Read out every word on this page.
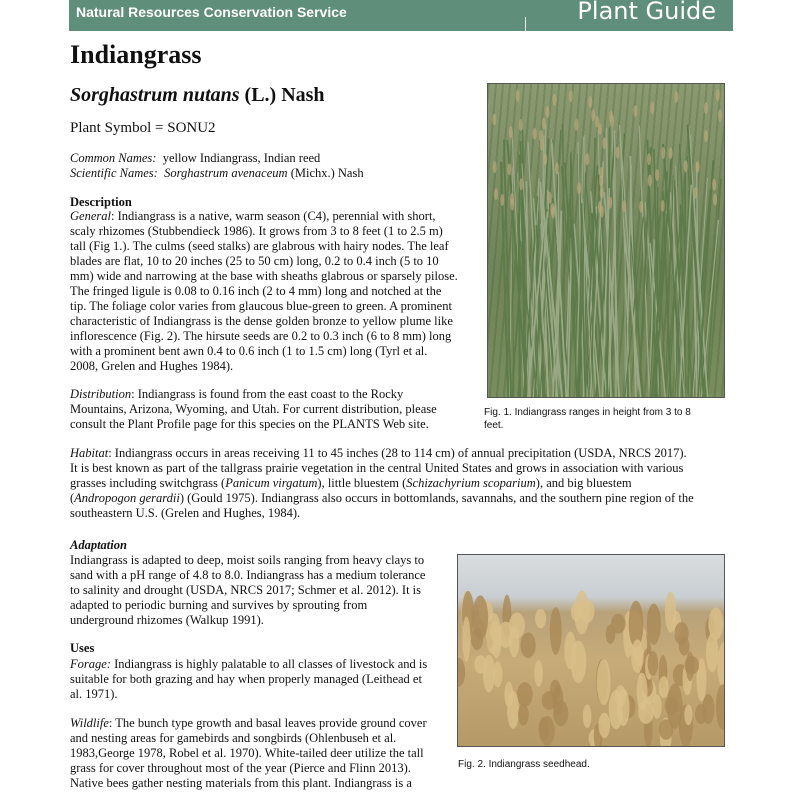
Natural Resources Conservation Service	Plant Guide
Indiangrass
Sorghastrum nutans (L.) Nash
Plant Symbol = SONU2
Common Names: yellow Indiangrass, Indian reed
Scientific Names: Sorghastrum avenaceum (Michx.) Nash
Description
General: Indiangrass is a native, warm season (C4), perennial with short,
scaly rhizomes (Stubbendieck 1986). It grows from 3 to 8 feet (1 to 2.5 m)
tall (Fig 1.). The culms (seed stalks) are glabrous with hairy nodes. The leaf
blades are flat, 10 to 20 inches (25 to 50 cm) long, 0.2 to 0.4 inch (5 to 10
mm) wide and narrowing at the base with sheaths glabrous or sparsely pilose.
The fringed ligule is 0.08 to 0.16 inch (2 to 4 mm) long and notched at the
tip. The foliage color varies from glaucous blue-green to green. A prominent
characteristic of Indiangrass is the dense golden bronze to yellow plume like
inflorescence (Fig. 2). The hirsute seeds are 0.2 to 0.3 inch (6 to 8 mm) long
with a prominent bent awn 0.4 to 0.6 inch (1 to 1.5 cm) long (Tyrl et al.
2008, Grelen and Hughes 1984).
Distribution: Indiangrass is found from the east coast to the Rocky
Mountains, Arizona, Wyoming, and Utah. For current distribution, please
consult the Plant Profile page for this species on the PLANTS Web site.
Fig. 1. Indiangrass ranges in height from 3 to 8
feet.
Habitat: Indiangrass occurs in areas receiving 11 to 45 inches (28 to 114 cm) of annual precipitation (USDA, NRCS 2017).
It is best known as part of the tallgrass prairie vegetation in the central United States and grows in association with various
grasses including switchgrass (Panicum virgatum), little bluestem (Schizachyrium scoparium), and big bluestem
(Andropogon gerardii) (Gould 1975). Indiangrass also occurs in bottomlands, savannahs, and the southern pine region of the
southeastern U.S. (Grelen and Hughes, 1984).
Adaptation
Indiangrass is adapted to deep, moist soils ranging from heavy clays to
sand with a pH range of 4.8 to 8.0. Indiangrass has a medium tolerance
to salinity and drought (USDA, NRCS 2017; Schmer et al. 2012). It is
adapted to periodic burning and survives by sprouting from
underground rhizomes (Walkup 1991).
Uses
Forage: Indiangrass is highly palatable to all classes of livestock and is
suitable for both grazing and hay when properly managed (Leithead et
al. 1971).
Wildlife: The bunch type growth and basal leaves provide ground cover
and nesting areas for gamebirds and songbirds (Ohlenbuseh et al.
1983,George 1978, Robel et al. 1970). White-tailed deer utilize the tall
grass for cover throughout most of the year (Pierce and Flinn 2013).
Native bees gather nesting materials from this plant. Indiangrass is a
Fig. 2. Indiangrass seedhead.
